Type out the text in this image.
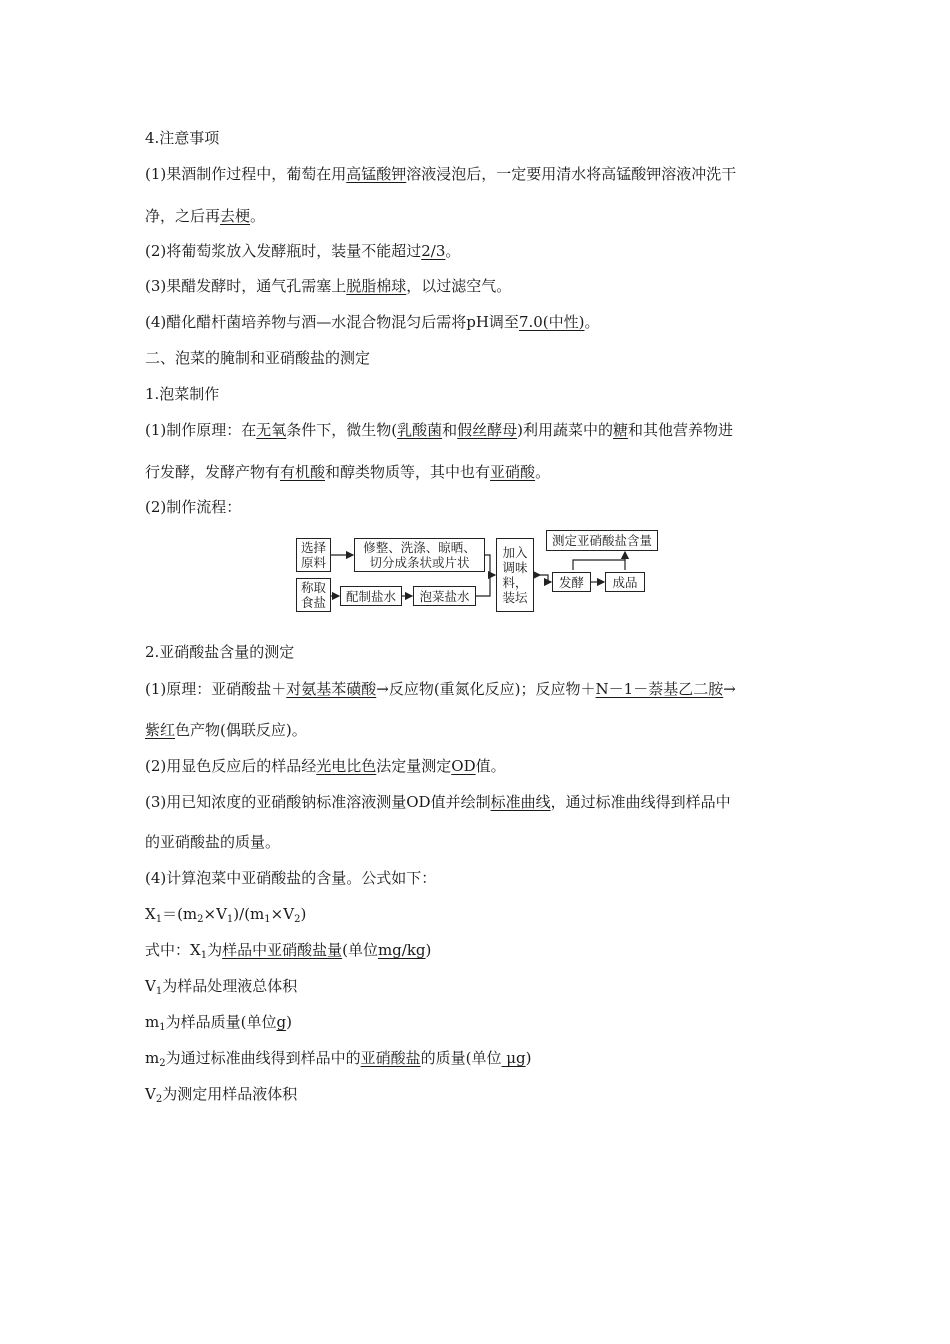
4.注意事项
(1)果酒制作过程中，葡萄在用高锰酸钾溶液浸泡后，一定要用清水将高锰酸钾溶液冲洗干
净，之后再去梗。
(2)将葡萄浆放入发酵瓶时，装量不能超过2/3。
(3)果醋发酵时，通气孔需塞上脱脂棉球，以过滤空气。
(4)醋化醋杆菌培养物与酒—水混合物混匀后需将pH调至7.0(中性)。
二、泡菜的腌制和亚硝酸盐的测定
1.泡菜制作
(1)制作原理：在无氧条件下，微生物(乳酸菌和假丝酵母)利用蔬菜中的糖和其他营养物进
行发酵，发酵产物有有机酸和醇类物质等，其中也有亚硝酸。
(2)制作流程：
选择原料
修整、洗涤、晾晒、切分成条状或片状
称取食盐	配制盐水 泡菜盐水
加入调味料，装坛
测定亚硝酸盐含量
发酵 成品
2.亚硝酸盐含量的测定
(1)原理：亚硝酸盐＋对氨基苯磺酸→反应物(重氮化反应)；反应物＋N－1－萘基乙二胺→
紫红色产物(偶联反应)。
(2)用显色反应后的样品经光电比色法定量测定OD值。
(3)用已知浓度的亚硝酸钠标准溶液测量OD值并绘制标准曲线，通过标准曲线得到样品中
的亚硝酸盐的质量。
(4)计算泡菜中亚硝酸盐的含量。公式如下：
$X_1=(m_2\times V_1)/(m_1\times V_2)$
式中：$X_1$为样品中亚硝酸盐量(单位mg/kg)
$V_1$为样品处理液总体积
$m_1$为样品质量(单位g)
$m_2$为通过标准曲线得到样品中的亚硝酸盐的质量(单位 μg)
$V_2$为测定用样品液体积
